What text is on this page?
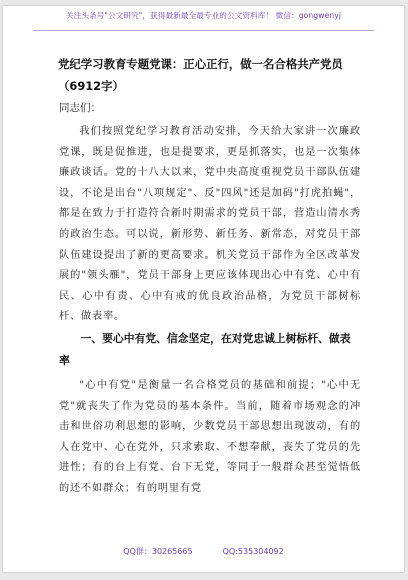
关注头条号"公文研究"，获得最新最全最专业的公文资料库！ 微信：gongwenyj
党纪学习教育专题党课：正心正行，做一名合格共产党员
（6912字）
同志们：

我们按照党纪学习教育活动安排，今天给大家讲一次廉政党课，既是促推进，也是提要求，更是抓落实，也是一次集体廉政谈话。党的十八大以来，党中央高度重视党员干部队伍建设，不论是出台"八项规定"、反"四风"还是加码"打虎拍蝇"，都是在致力于打造符合新时期需求的党员干部，营造山清水秀的政治生态。可以说，新形势、新任务、新常态，对党员干部队伍建设提出了新的更高要求。机关党员干部作为全区改革发展的"领头雁"，党员干部身上更应该体现出心中有党、心中有民、心中有责、心中有戒的优良政治品格，为党员干部树标杆、做表率。

一、要心中有党、信念坚定，在对党忠诚上树标杆、做表率

"心中有党"是衡量一名合格党员的基础和前提；"心中无党"就丧失了作为党员的基本条件。当前，随着市场观念的冲击和世俗功利思想的影响，少数党员干部思想出现波动，有的人在党中、心在党外，只求索取、不想奉献，丧失了党员的先进性；有的台上有党、台下无党，等同于一般群众甚至觉悟低的还不如群众；有的明里有党

QQ群：30265665	QQ:535304092
